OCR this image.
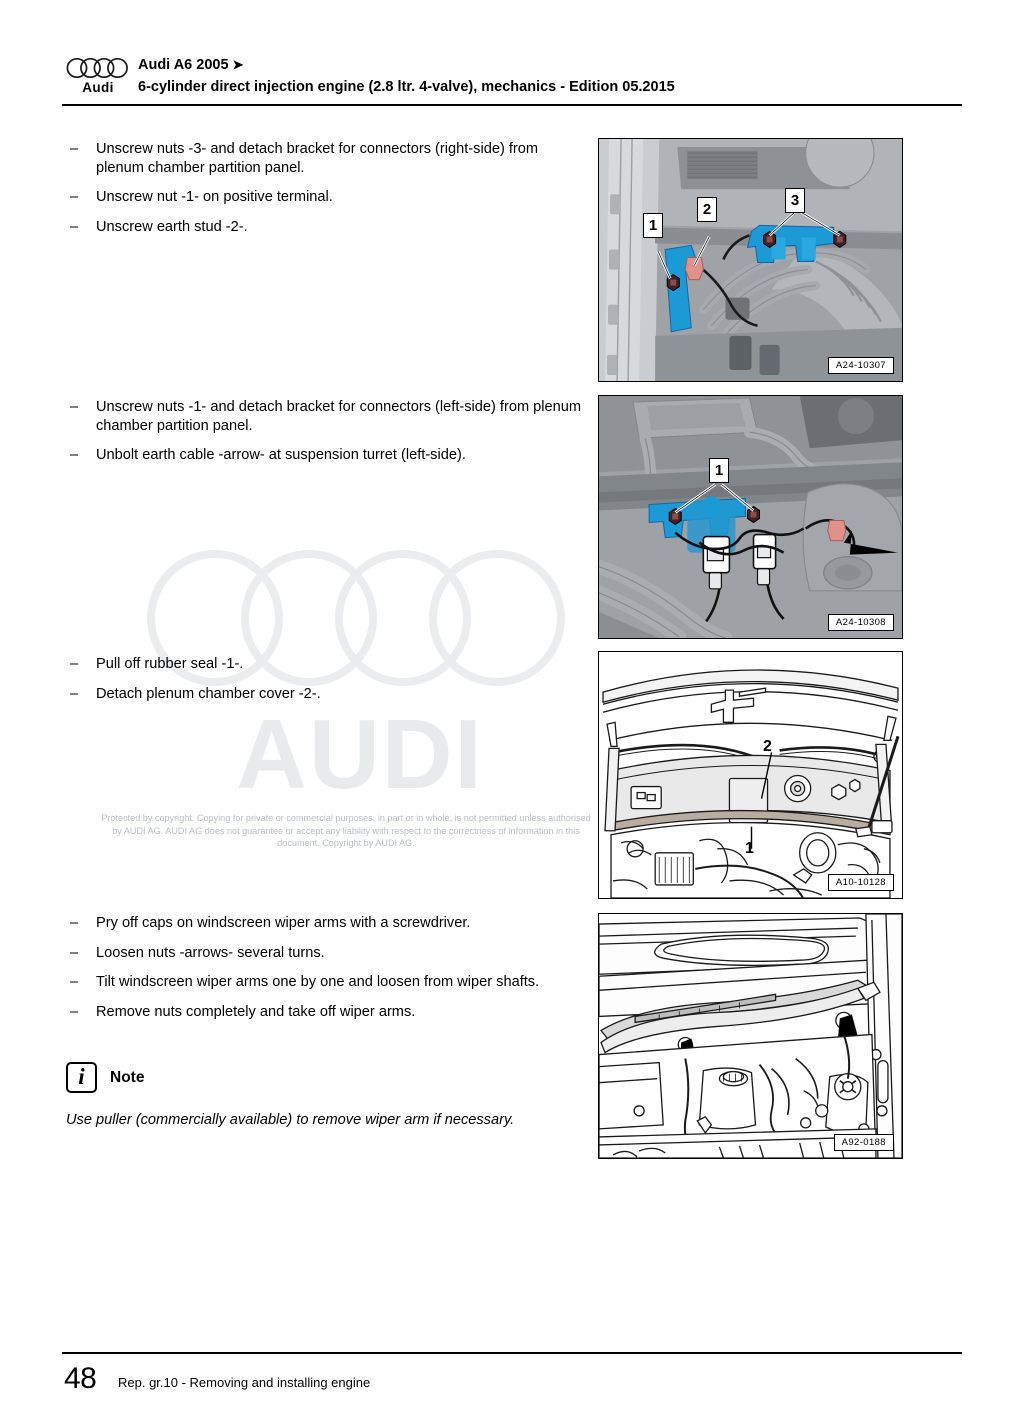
Audi
Audi A6 2005 ➤
6-cylinder direct injection engine (2.8 ltr. 4-valve), mechanics - Edition 05.2015
AUDI
Protected by copyright. Copying for private or commercial purposes, in part or in whole, is not permitted unless authorised by AUDI AG. AUDI AG does not guarantee or accept any liability with respect to the correctness of information in this document. Copyright by AUDI AG.
– Unscrew nuts -3- and detach bracket for connectors (right-side) from plenum chamber partition panel.
– Unscrew nut -1- on positive terminal.
– Unscrew earth stud -2-.	1
2
3
A24-10307
– Unscrew nuts -1- and detach bracket for connectors (left-side) from plenum chamber partition panel.
– Unbolt earth cable -arrow- at suspension turret (left-side).
1
A24-10308
– Pull off rubber seal -1-.
– Detach plenum chamber cover -2-.
2
1
A10-10128
– Pry off caps on windscreen wiper arms with a screwdriver.
– Loosen nuts -arrows- several turns.
– Tilt windscreen wiper arms one by one and loosen from wiper shafts.
– Remove nuts completely and take off wiper arms.
i	Note
Use puller (commercially available) to remove wiper arm if necessary.
A92-0188
48 Rep. gr.10 - Removing and installing engine
